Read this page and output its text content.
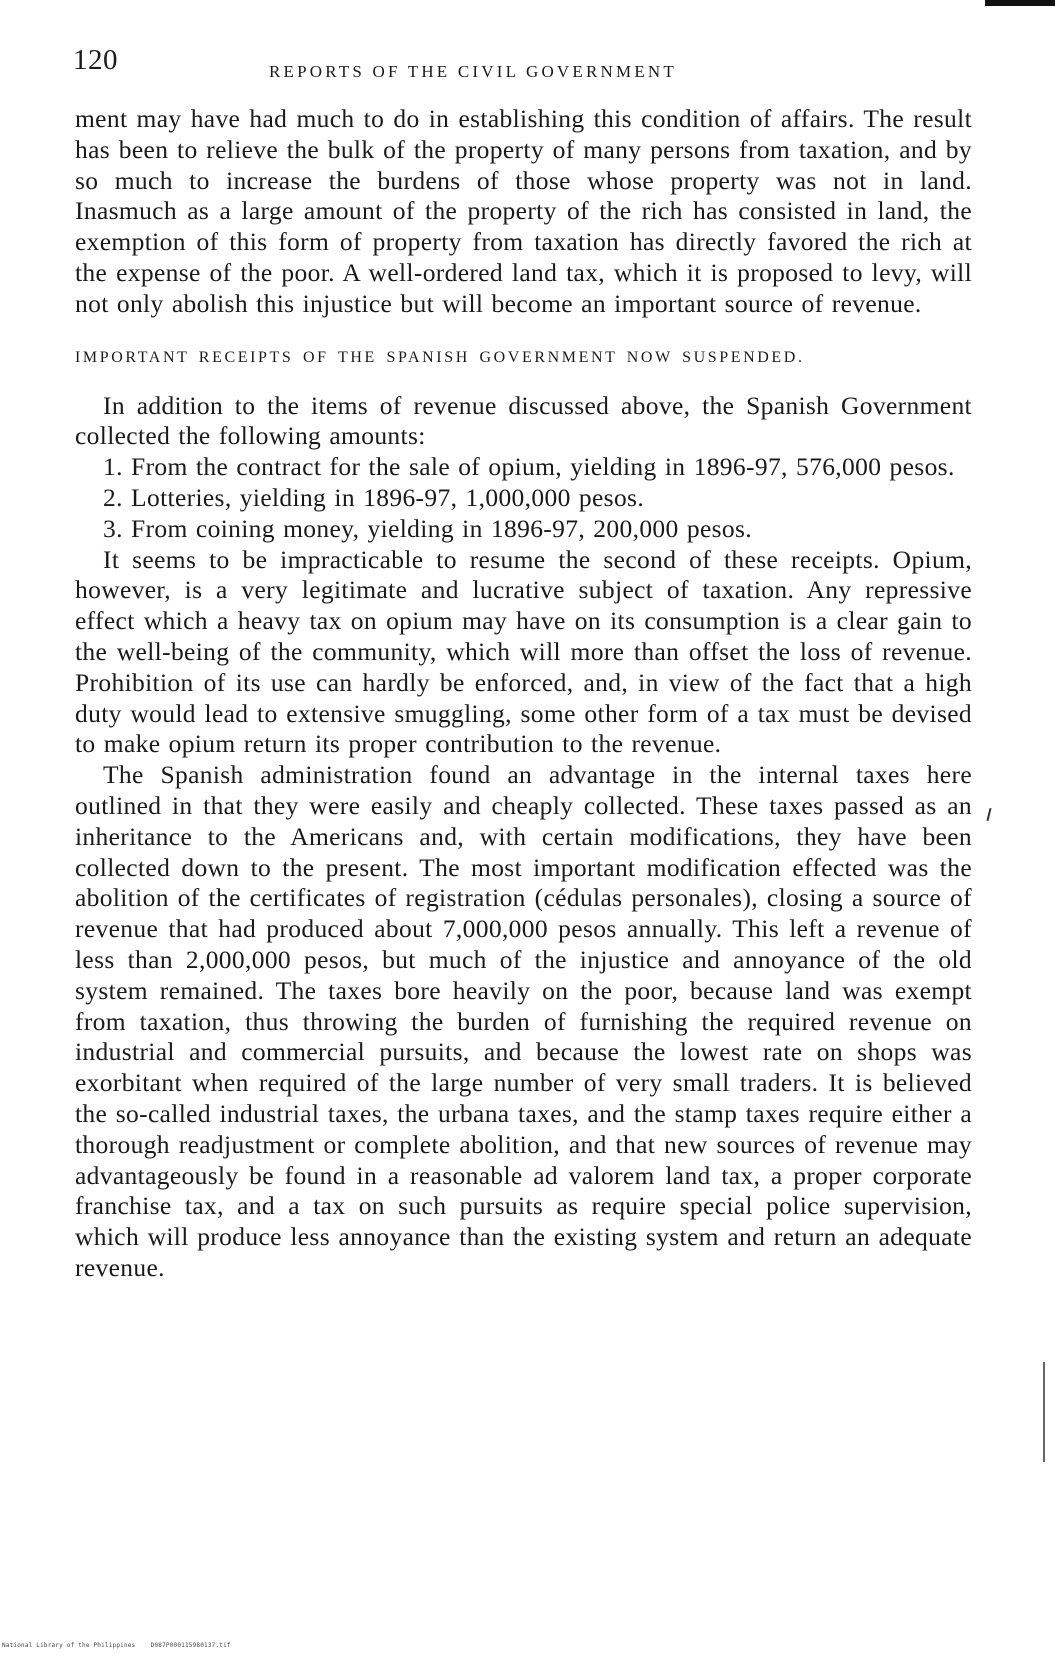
120	REPORTS OF THE CIVIL GOVERNMENT

ment may have had much to do in establishing this condition of affairs. The result has been to relieve the bulk of the property of many persons from taxation, and by so much to increase the burdens of those whose property was not in land. Inasmuch as a large amount of the property of the rich has consisted in land, the exemption of this form of property from taxation has directly favored the rich at the expense of the poor. A well-ordered land tax, which it is proposed to levy, will not only abolish this injustice but will become an important source of revenue.

IMPORTANT RECEIPTS OF THE SPANISH GOVERNMENT NOW SUSPENDED.

In addition to the items of revenue discussed above, the Spanish Government collected the following amounts:

1. From the contract for the sale of opium, yielding in 1896-97, 576,000 pesos.

2. Lotteries, yielding in 1896-97, 1,000,000 pesos.

3. From coining money, yielding in 1896-97, 200,000 pesos.

It seems to be impracticable to resume the second of these receipts. Opium, however, is a very legitimate and lucrative subject of taxation. Any repressive effect which a heavy tax on opium may have on its consumption is a clear gain to the well-being of the community, which will more than offset the loss of revenue. Prohibition of its use can hardly be enforced, and, in view of the fact that a high duty would lead to extensive smuggling, some other form of a tax must be devised to make opium return its proper contribution to the revenue.

The Spanish administration found an advantage in the internal taxes here outlined in that they were easily and cheaply collected. These taxes passed as an inheritance to the Americans and, with certain modifications, they have been collected down to the present. The most important modification effected was the abolition of the certificates of registration (cédulas personales), closing a source of revenue that had produced about 7,000,000 pesos annually. This left a revenue of less than 2,000,000 pesos, but much of the injustice and annoyance of the old system remained. The taxes bore heavily on the poor, because land was exempt from taxation, thus throwing the burden of furnishing the required revenue on industrial and commercial pursuits, and because the lowest rate on shops was exorbitant when required of the large number of very small traders. It is believed the so-called industrial taxes, the urbana taxes, and the stamp taxes require either a thorough readjustment or complete abolition, and that new sources of revenue may advantageously be found in a reasonable ad valorem land tax, a proper corporate franchise tax, and a tax on such pursuits as require special police supervision, which will produce less annoyance than the existing system and return an adequate revenue.

National Library of the Philippines    D087P000115980137.tif
